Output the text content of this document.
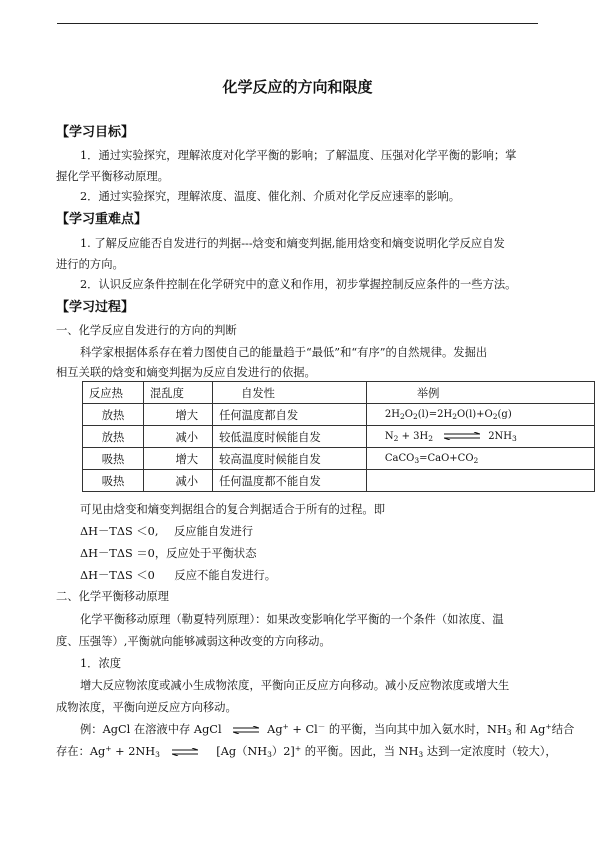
化学反应的方向和限度
【学习目标】
1．通过实验探究，理解浓度对化学平衡的影响；了解温度、压强对化学平衡的影响；掌
握化学平衡移动原理。
2．通过实验探究，理解浓度、温度、催化剂、介质对化学反应速率的影响。
【学习重难点】
1. 了解反应能否自发进行的判据---焓变和熵变判据,能用焓变和熵变说明化学反应自发
进行的方向。
2．认识反应条件控制在化学研究中的意义和作用，初步掌握控制反应条件的一些方法。
【学习过程】
一、化学反应自发进行的方向的判断
科学家根据体系存在着力图使自己的能量趋于“最低”和“有序”的自然规律。发掘出
相互关联的焓变和熵变判据为反应自发进行的依据。
反应热	混乱度	自发性	举例
放热	增大	任何温度都自发	$2H_2O_2(l)=2H_2O(l)+O_2(g)$
放热	减小	较低温度时候能自发	$N_2 + 3H_2$ ⇌ $2NH_3$
吸热	增大	较高温度时候能自发	$CaCO_3=CaO+CO_2$
吸热	减小	任何温度都不能自发	
可见由焓变和熵变判据组合的复合判据适合于所有的过程。即
ΔH－TΔS ＜0, 反应能自发进行
ΔH－TΔS ＝0，反应处于平衡状态
ΔH－TΔS ＜0 反应不能自发进行。
二、化学平衡移动原理
化学平衡移动原理（勒夏特列原理）：如果改变影响化学平衡的一个条件（如浓度、温
度、压强等）,平衡就向能够减弱这种改变的方向移动。
1．浓度
增大反应物浓度或减小生成物浓度，平衡向正反应方向移动。减小反应物浓度或增大生
成物浓度，平衡向逆反应方向移动。
例：AgCl 在溶液中存 AgCl ⇌ Ag+ + Cl－ 的平衡，当向其中加入氨水时，$NH_3$ 和 Ag+结合
存在：$Ag^+ + 2NH_3$ ⇌ $[Ag(NH_3)2]^+$ 的平衡。因此，当 $NH_3$ 达到一定浓度时（较大），
